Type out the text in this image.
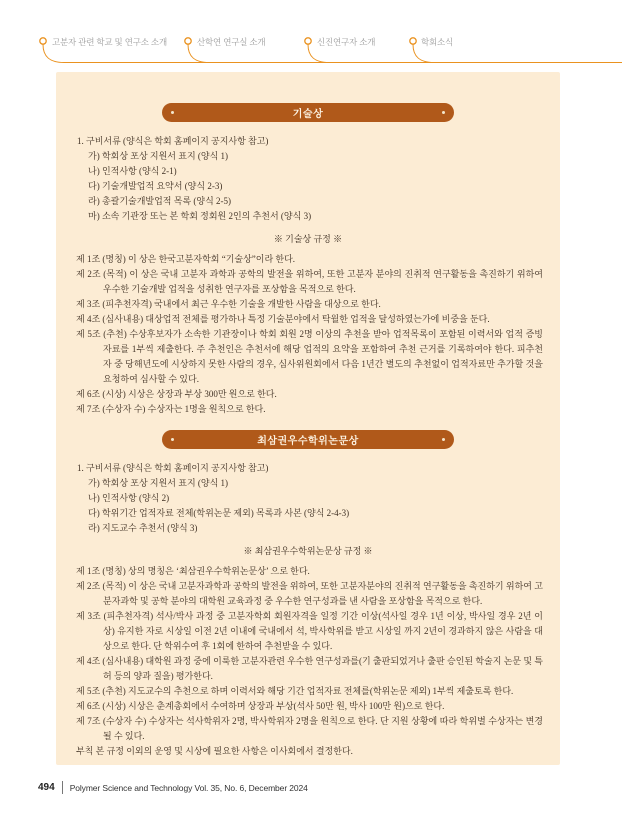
고분자 관련 학교 및 연구소 소개	산학연 연구실 소개	신진연구자 소개	학회소식
기술상

1. 구비서류 (양식은 학회 홈페이지 공지사항 참고)

가) 학회상 포상 지원서 표지 (양식 1)

나) 인적사항 (양식 2-1)

다) 기술개발업적 요약서 (양식 2-3)

라) 총괄기술개발업적 목록 (양식 2-5)

마) 소속 기관장 또는 본 학회 정회원 2인의 추천서 (양식 3)

※ 기술상 규정 ※

제 1조 (명칭) 이 상은 한국고분자학회 “기술상”이라 한다.

제 2조 (목적) 이 상은 국내 고분자 과학과 공학의 발전을 위하여, 또한 고분자 분야의 진취적 연구활동을 촉진하기 위하여 우수한 기술개발 업적을 성취한 연구자를 포상함을 목적으로 한다.

제 3조 (피추천자격) 국내에서 최근 우수한 기술을 개발한 사람을 대상으로 한다.

제 4조 (심사내용) 대상업적 전체를 평가하나 특정 기술분야에서 탁월한 업적을 달성하였는가에 비중을 둔다.

제 5조 (추천) 수상후보자가 소속한 기관장이나 학회 회원 2명 이상의 추천을 받아 업적목록이 포함된 이력서와 업적 증빙 자료를 1부씩 제출한다. 주 추천인은 추천서에 해당 업적의 요약을 포함하여 추천 근거를 기록하여야 한다. 피추천자 중 당해년도에 시상하지 못한 사람의 경우, 심사위원회에서 다음 1년간 별도의 추천없이 업적자료만 추가할 것을 요청하여 심사할 수 있다.

제 6조 (시상) 시상은 상장과 부상 300만 원으로 한다.

제 7조 (수상자 수) 수상자는 1명을 원칙으로 한다.

최삼권우수학위논문상

1. 구비서류 (양식은 학회 홈페이지 공지사항 참고)

가) 학회상 포상 지원서 표지 (양식 1)

나) 인적사항 (양식 2)

다) 학위기간 업적자료 전체(학위논문 제외) 목록과 사본 (양식 2-4-3)

라) 지도교수 추천서 (양식 3)

※ 최삼권우수학위논문상 규정 ※

제 1조 (명칭) 상의 명칭은 ‘최삼권우수학위논문상’ 으로 한다.

제 2조 (목적) 이 상은 국내 고분자과학과 공학의 발전을 위하여, 또한 고분자분야의 진취적 연구활동을 촉진하기 위하여 고분자과학 및 공학 분야의 대학원 교육과정 중 우수한 연구성과를 낸 사람을 포상함을 목적으로 한다.

제 3조 (피추천자격) 석사/박사 과정 중 고분자학회 회원자격을 일정 기간 이상(석사일 경우 1년 이상, 박사일 경우 2년 이상) 유지한 자로 시상일 이전 2년 이내에 국내에서 석, 박사학위를 받고 시상일 까지 2년이 경과하지 않은 사람을 대상으로 한다. 단 학위수여 후 1회에 한하여 추천받을 수 있다.

제 4조 (심사내용) 대학원 과정 중에 이룩한 고분자관련 우수한 연구성과를(기 출판되었거나 출판 승인된 학술지 논문 및 특허 등의 양과 질을) 평가한다.

제 5조 (추천) 지도교수의 추천으로 하며 이력서와 해당 기간 업적자료 전체를(학위논문 제외) 1부씩 제출토록 한다.

제 6조 (시상) 시상은 춘계총회에서 수여하며 상장과 부상(석사 50만 원, 박사 100만 원)으로 한다.

제 7조 (수상자 수) 수상자는 석사학위자 2명, 박사학위자 2명을 원칙으로 한다. 단 지원 상황에 따라 학위별 수상자는 변경될 수 있다.

부칙 본 규정 이외의 운영 및 시상에 필요한 사항은 이사회에서 결정한다.

494 Polymer Science and Technology Vol. 35, No. 6, December 2024
